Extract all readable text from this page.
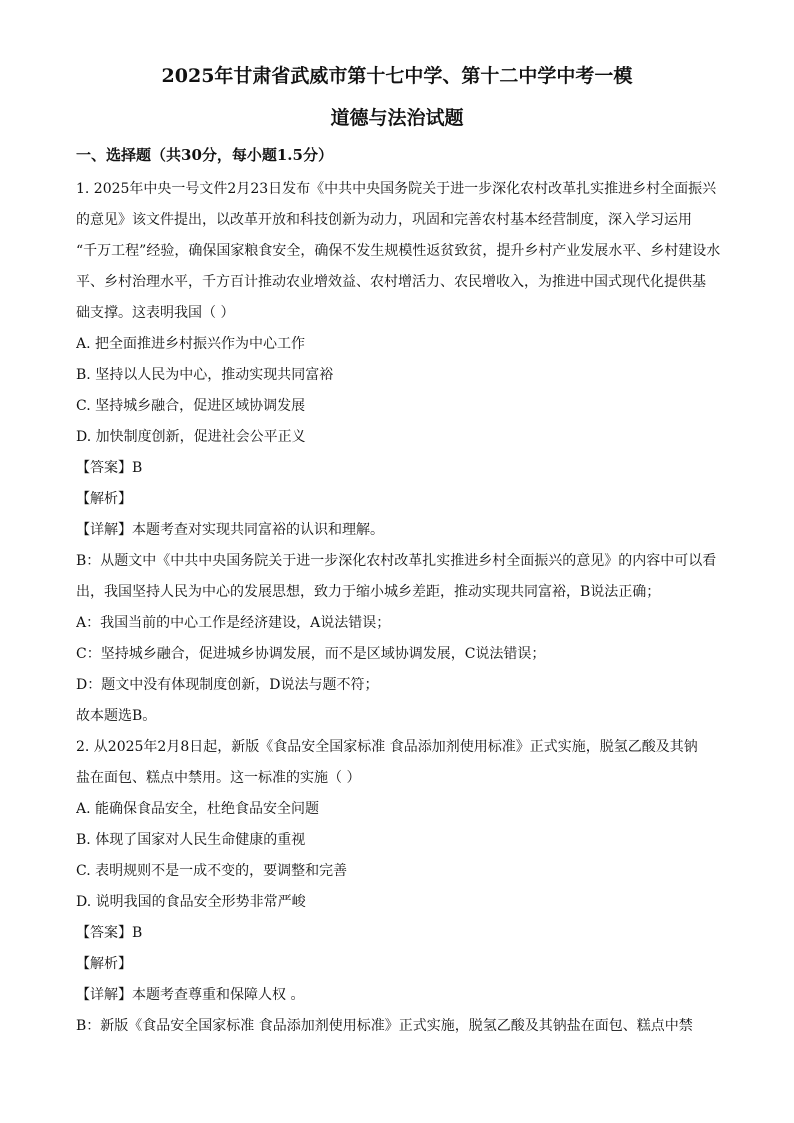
2025年甘肃省武威市第十七中学、第十二中学中考一模
道德与法治试题
一、选择题（共30分，每小题1.5分）
1. 2025年中央一号文件2月23日发布《中共中央国务院关于进一步深化农村改革扎实推进乡村全面振兴
的意见》该文件提出，以改革开放和科技创新为动力，巩固和完善农村基本经营制度，深入学习运用
“千万工程”经验，确保国家粮食安全，确保不发生规模性返贫致贫，提升乡村产业发展水平、乡村建设水
平、乡村治理水平，千方百计推动农业增效益、农村增活力、农民增收入，为推进中国式现代化提供基
础支撑。这表明我国（ ）
A. 把全面推进乡村振兴作为中心工作
B. 坚持以人民为中心，推动实现共同富裕
C. 坚持城乡融合，促进区域协调发展
D. 加快制度创新，促进社会公平正义
【答案】B
【解析】
【详解】本题考查对实现共同富裕的认识和理解。
B：从题文中《中共中央国务院关于进一步深化农村改革扎实推进乡村全面振兴的意见》的内容中可以看
出，我国坚持人民为中心的发展思想，致力于缩小城乡差距，推动实现共同富裕，B说法正确；
A：我国当前的中心工作是经济建设，A说法错误；
C：坚持城乡融合，促进城乡协调发展，而不是区域协调发展，C说法错误；
D：题文中没有体现制度创新，D说法与题不符；
故本题选B。
2. 从2025年2月8日起，新版《食品安全国家标准 食品添加剂使用标准》正式实施，脱氢乙酸及其钠
盐在面包、糕点中禁用。这一标准的实施（ ）
A. 能确保食品安全，杜绝食品安全问题
B. 体现了国家对人民生命健康的重视
C. 表明规则不是一成不变的，要调整和完善
D. 说明我国的食品安全形势非常严峻
【答案】B
【解析】
【详解】本题考查尊重和保障人权 。
B：新版《食品安全国家标准 食品添加剂使用标准》正式实施，脱氢乙酸及其钠盐在面包、糕点中禁
